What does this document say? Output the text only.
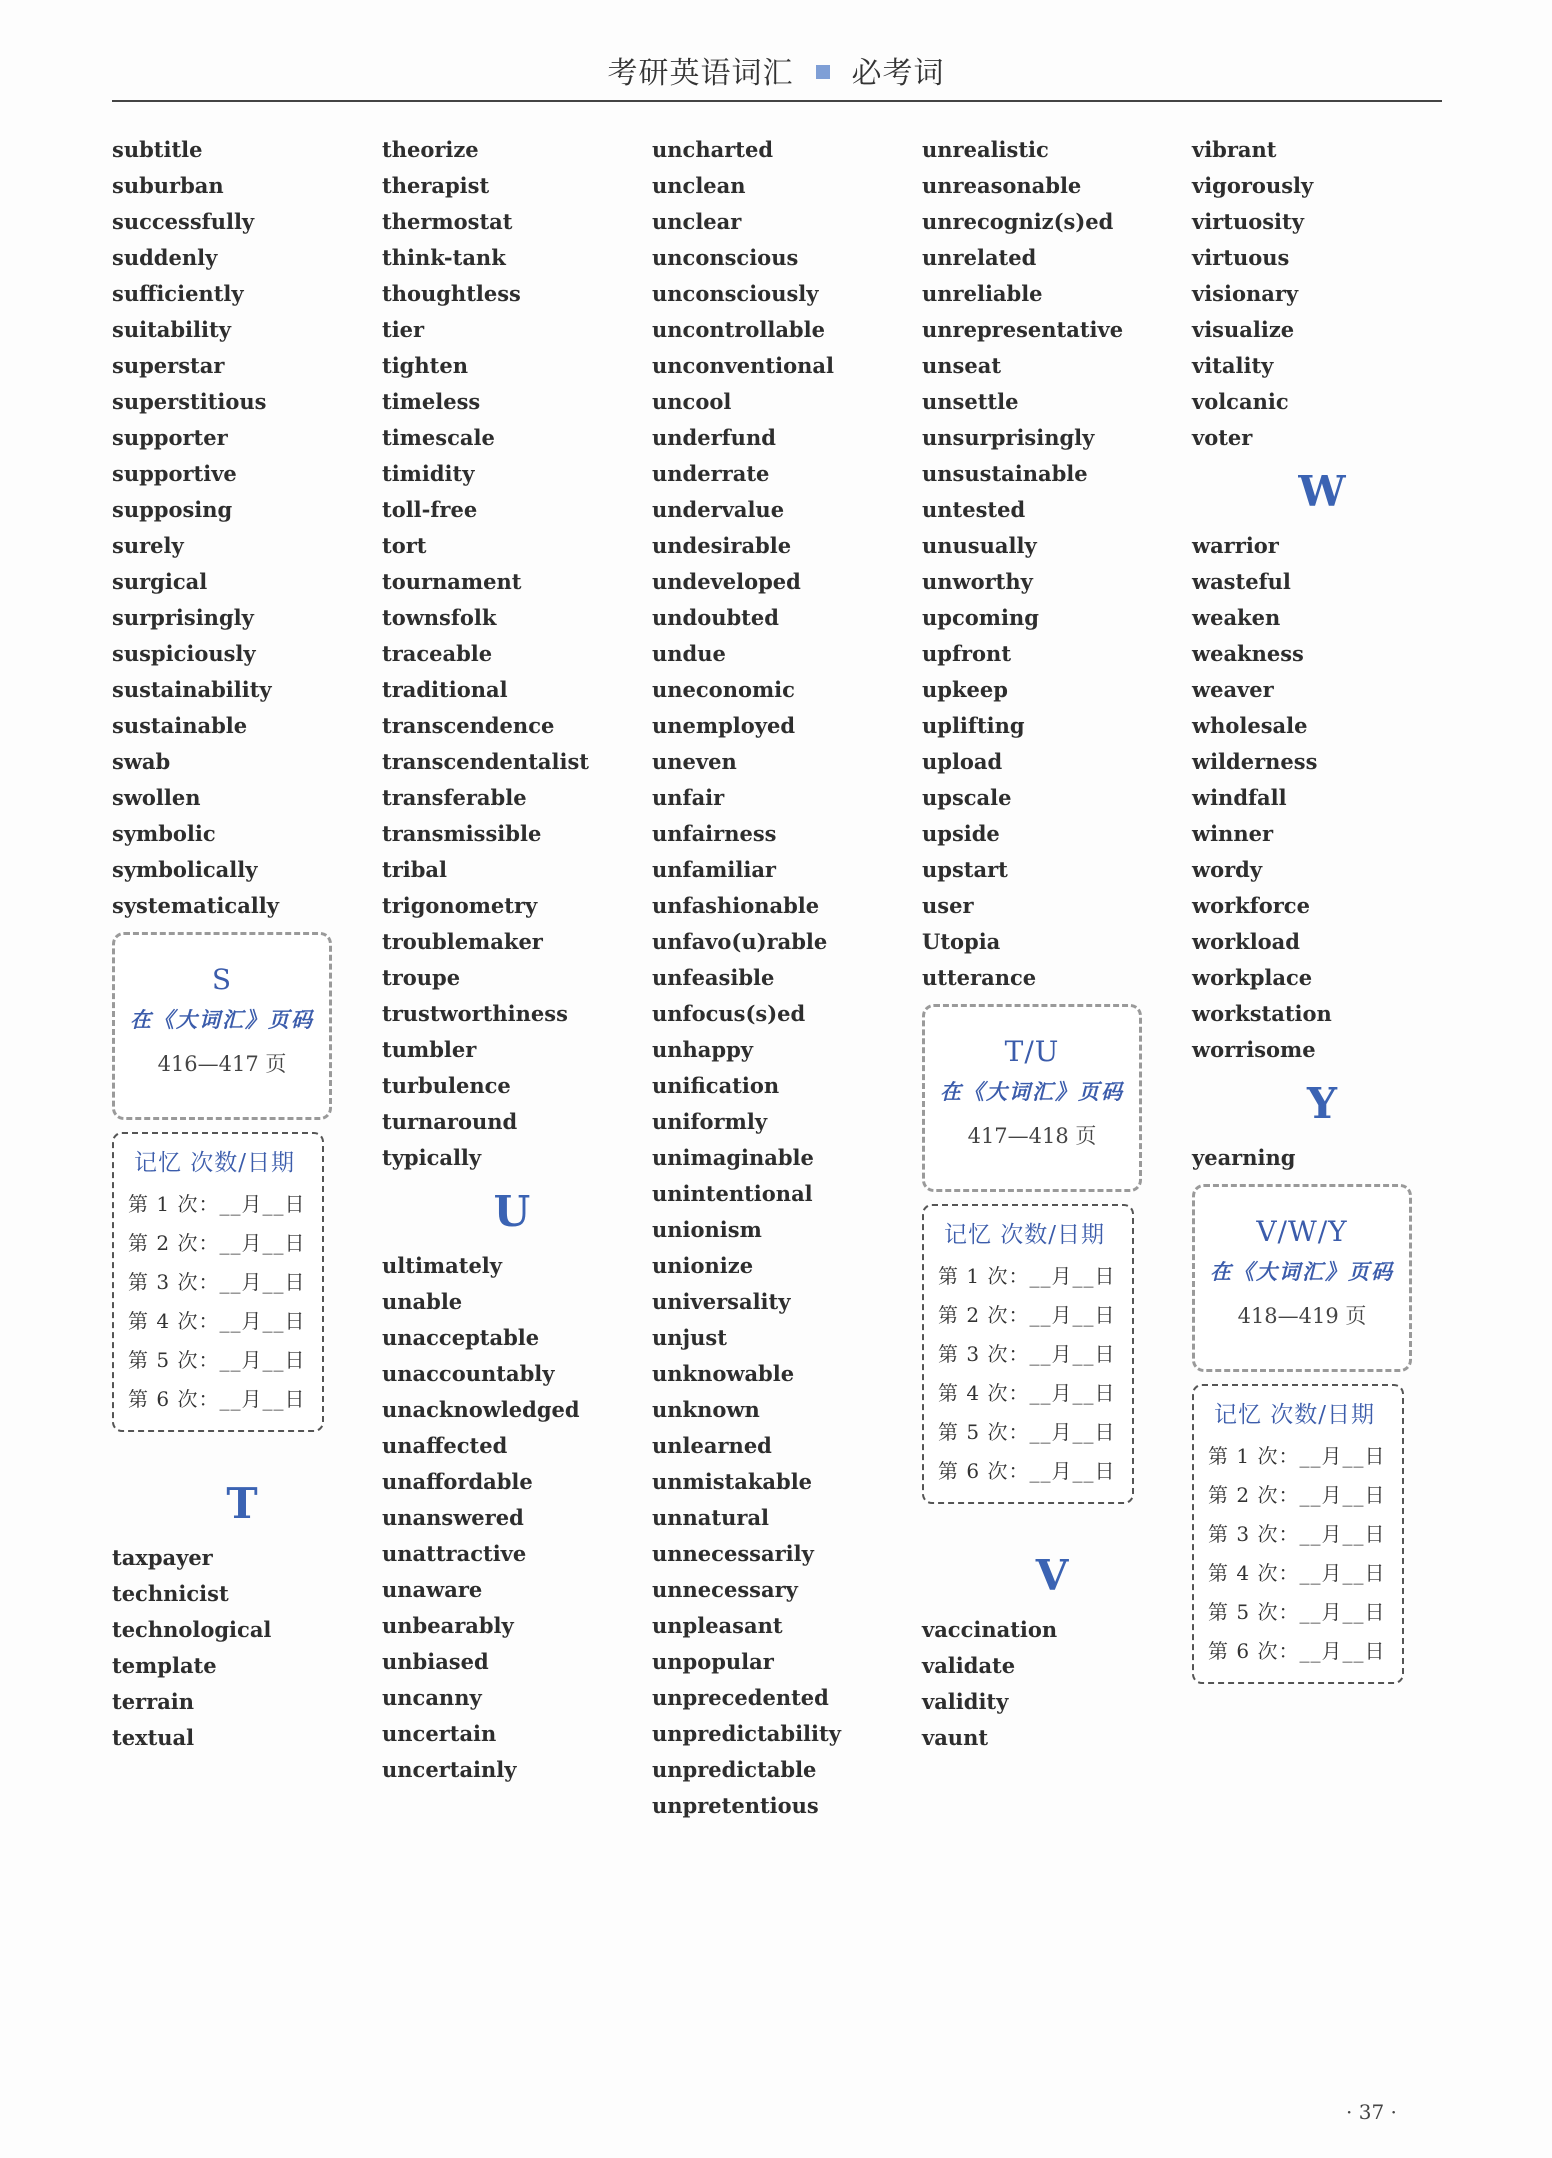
考研英语词汇 必考词
subtitle
suburban
successfully
suddenly
sufficiently
suitability
superstar
superstitious
supporter
supportive
supposing
surely
surgical
surprisingly
suspiciously
sustainability
sustainable
swab
swollen
symbolic
symbolically
systematically
S
在《大词汇》页码
416—417 页
记忆 次数/日期
第 1 次：__月__日
第 2 次：__月__日
第 3 次：__月__日
第 4 次：__月__日
第 5 次：__月__日
第 6 次：__月__日
T
taxpayer
technicist
technological
template
terrain
textual
theorize
therapist
thermostat
think-tank
thoughtless
tier
tighten
timeless
timescale
timidity
toll-free
tort
tournament
townsfolk
traceable
traditional
transcendence
transcendentalist
transferable
transmissible
tribal
trigonometry
troublemaker
troupe
trustworthiness
tumbler
turbulence
turnaround
typically
U
ultimately
unable
unacceptable
unaccountably
unacknowledged
unaffected
unaffordable
unanswered
unattractive
unaware
unbearably
unbiased
uncanny
uncertain
uncertainly
uncharted
unclean
unclear
unconscious
unconsciously
uncontrollable
unconventional
uncool
underfund
underrate
undervalue
undesirable
undeveloped
undoubted
undue
uneconomic
unemployed
uneven
unfair
unfairness
unfamiliar
unfashionable
unfavo(u)rable
unfeasible
unfocus(s)ed
unhappy
unification
uniformly
unimaginable
unintentional
unionism
unionize
universality
unjust
unknowable
unknown
unlearned
unmistakable
unnatural
unnecessarily
unnecessary
unpleasant
unpopular
unprecedented
unpredictability
unpredictable
unpretentious
unrealistic
unreasonable
unrecogniz(s)ed
unrelated
unreliable
unrepresentative
unseat
unsettle
unsurprisingly
unsustainable
untested
unusually
unworthy
upcoming
upfront
upkeep
uplifting
upload
upscale
upside
upstart
user
Utopia
utterance
T/U
在《大词汇》页码
417—418 页
记忆 次数/日期
第 1 次：__月__日
第 2 次：__月__日
第 3 次：__月__日
第 4 次：__月__日
第 5 次：__月__日
第 6 次：__月__日
V
vaccination
validate
validity
vaunt
vibrant
vigorously
virtuosity
virtuous
visionary
visualize
vitality
volcanic
voter
W
warrior
wasteful
weaken
weakness
weaver
wholesale
wilderness
windfall
winner
wordy
workforce
workload
workplace
workstation
worrisome
Y
yearning
V/W/Y
在《大词汇》页码
418—419 页
记忆 次数/日期
第 1 次：__月__日
第 2 次：__月__日
第 3 次：__月__日
第 4 次：__月__日
第 5 次：__月__日
第 6 次：__月__日
· 37 ·
